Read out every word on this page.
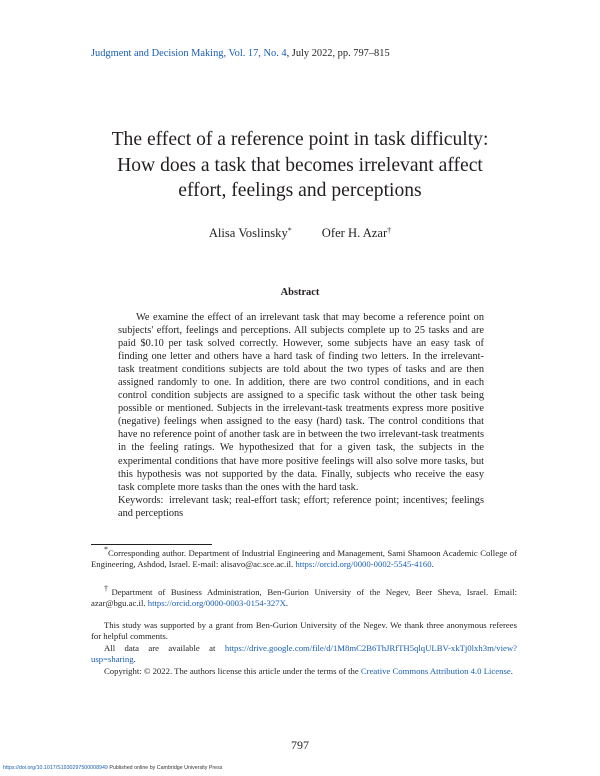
Judgment and Decision Making, Vol. 17, No. 4, July 2022, pp. 797–815
The effect of a reference point in task difficulty:
How does a task that becomes irrelevant affect
effort, feelings and perceptions
Alisa Voslinsky* Ofer H. Azar†
Abstract

We examine the effect of an irrelevant task that may become a reference point on subjects' effort, feelings and perceptions. All subjects complete up to 25 tasks and are paid $0.10 per task solved correctly. However, some subjects have an easy task of finding one letter and others have a hard task of finding two letters. In the irrelevant-task treatment conditions subjects are told about the two types of tasks and are then assigned randomly to one. In addition, there are two control conditions, and in each control condition subjects are assigned to a specific task without the other task being possible or mentioned. Subjects in the irrelevant-task treatments express more positive (negative) feelings when assigned to the easy (hard) task. The control conditions that have no reference point of another task are in between the two irrelevant-task treatments in the feeling ratings. We hypothesized that for a given task, the subjects in the experimental conditions that have more positive feelings will also solve more tasks, but this hypothesis was not supported by the data. Finally, subjects who receive the easy task complete more tasks than the ones with the hard task.

Keywords: irrelevant task; real-effort task; effort; reference point; incentives; feelings and perceptions

*Corresponding author. Department of Industrial Engineering and Management, Sami Shamoon Academic College of Engineering, Ashdod, Israel. E-mail: alisavo@ac.sce.ac.il. https://orcid.org/0000-0002-5545-4160.

†Department of Business Administration, Ben-Gurion University of the Negev, Beer Sheva, Israel. Email: azar@bgu.ac.il. https://orcid.org/0000-0003-0154-327X.

This study was supported by a grant from Ben-Gurion University of the Negev. We thank three anonymous referees for helpful comments.

All data are available at https://drive.google.com/file/d/1M8mC2B6ThJRfTH5qlqULBV-xkTj0lxh3m/view?usp=sharing.

Copyright: © 2022. The authors license this article under the terms of the Creative Commons Attribution 4.0 License.

797
https://doi.org/10.1017/S1930297500008949 Published online by Cambridge University Press
